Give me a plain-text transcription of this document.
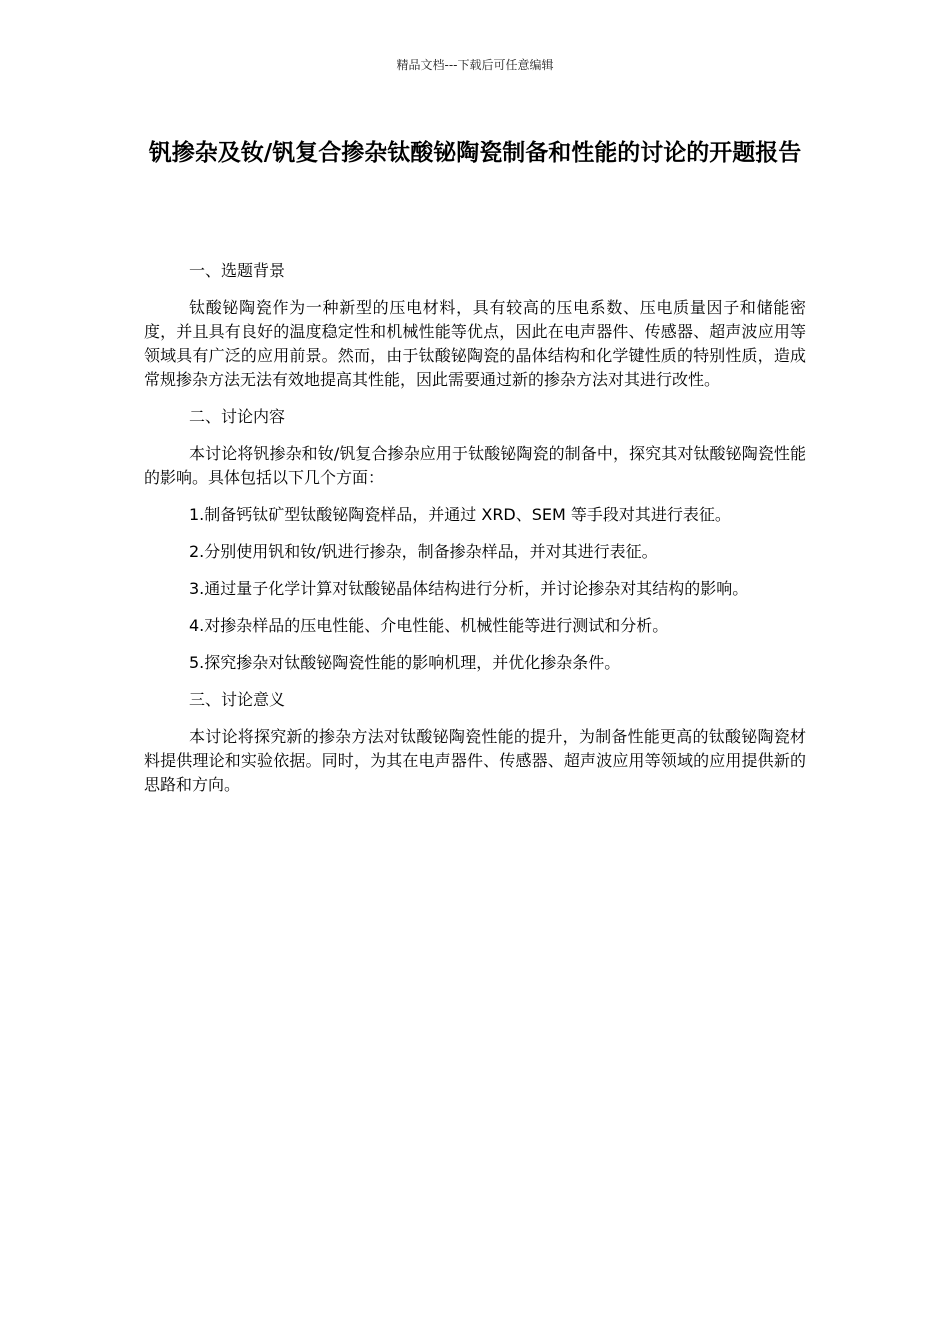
精品文档---下载后可任意编辑
钒掺杂及钕/钒复合掺杂钛酸铋陶瓷制备和性能的讨论的开题报告

一、选题背景

钛酸铋陶瓷作为一种新型的压电材料，具有较高的压电系数、压电质量因子和储能密度，并且具有良好的温度稳定性和机械性能等优点，因此在电声器件、传感器、超声波应用等领域具有广泛的应用前景。然而，由于钛酸铋陶瓷的晶体结构和化学键性质的特别性质，造成常规掺杂方法无法有效地提高其性能，因此需要通过新的掺杂方法对其进行改性。

二、讨论内容

本讨论将钒掺杂和钕/钒复合掺杂应用于钛酸铋陶瓷的制备中，探究其对钛酸铋陶瓷性能的影响。具体包括以下几个方面：

1.制备钙钛矿型钛酸铋陶瓷样品，并通过 XRD、SEM 等手段对其进行表征。

2.分别使用钒和钕/钒进行掺杂，制备掺杂样品，并对其进行表征。

3.通过量子化学计算对钛酸铋晶体结构进行分析，并讨论掺杂对其结构的影响。

4.对掺杂样品的压电性能、介电性能、机械性能等进行测试和分析。

5.探究掺杂对钛酸铋陶瓷性能的影响机理，并优化掺杂条件。

三、讨论意义

本讨论将探究新的掺杂方法对钛酸铋陶瓷性能的提升，为制备性能更高的钛酸铋陶瓷材料提供理论和实验依据。同时，为其在电声器件、传感器、超声波应用等领域的应用提供新的思路和方向。
